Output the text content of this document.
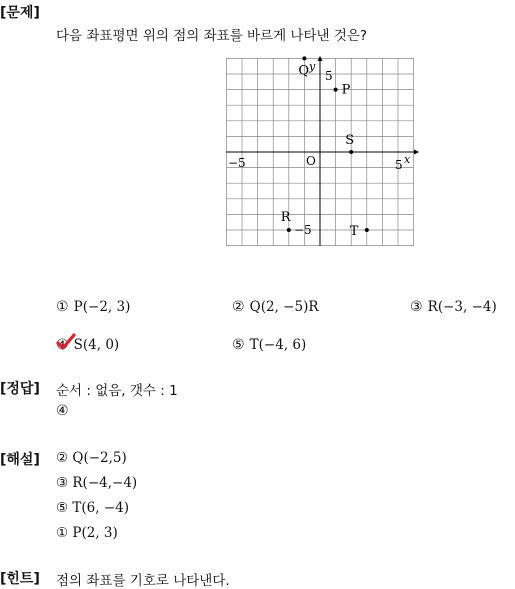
[문제]
다음 좌표평면 위의 점의 좌표를 바르게 나타낸 것은?
y
x
5
−5	O	5
−5
Q
P
S
R
T
① P(−2, 3)	② Q(2, −5)R	③ R(−3, −4)
④ S(4, 0)	⑤ T(−4, 6)
[정답] 순서 : 없음, 갯수 : 1
④
[해설] ② Q(−2,5)
③ R(−4,−4)
⑤ T(6, −4)
① P(2, 3)
[힌트] 점의 좌표를 기호로 나타낸다.
